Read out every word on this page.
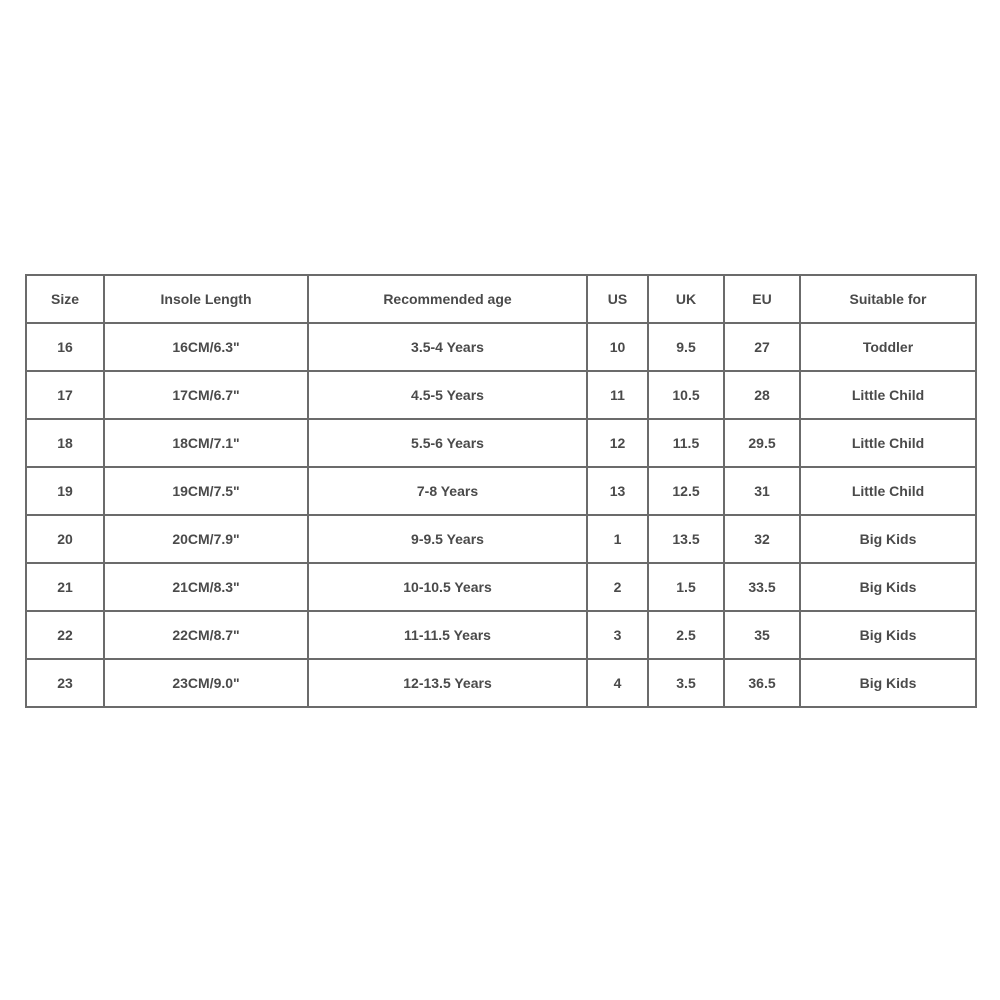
Size	Insole Length	Recommended age	US	UK	EU	Suitable for
16	16CM/6.3"	3.5-4 Years	10	9.5	27	Toddler
17	17CM/6.7"	4.5-5 Years	11	10.5	28	Little Child
18	18CM/7.1"	5.5-6 Years	12	11.5	29.5	Little Child
19	19CM/7.5"	7-8 Years	13	12.5	31	Little Child
20	20CM/7.9"	9-9.5 Years	1	13.5	32	Big Kids
21	21CM/8.3"	10-10.5 Years	2	1.5	33.5	Big Kids
22	22CM/8.7"	11-11.5 Years	3	2.5	35	Big Kids
23	23CM/9.0"	12-13.5 Years	4	3.5	36.5	Big Kids
